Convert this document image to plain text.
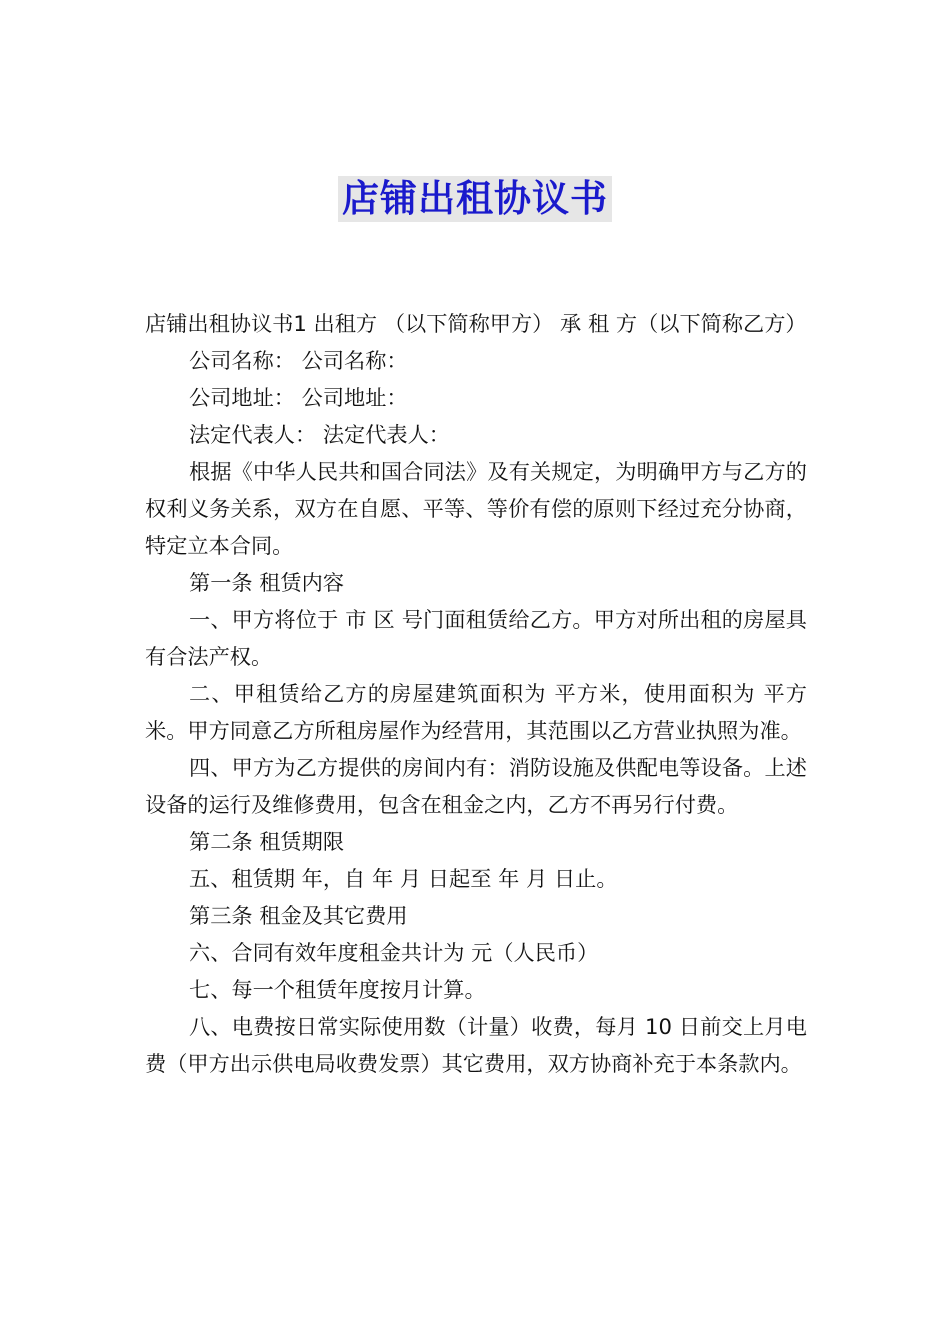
店铺出租协议书

店铺出租协议书1 出租方 （以下简称甲方） 承 租 方（以下简称乙方）

公司名称： 公司名称：

公司地址： 公司地址：

法定代表人： 法定代表人：

根据《中华人民共和国合同法》及有关规定，为明确甲方与乙方的权利义务关系，双方在自愿、平等、等价有偿的原则下经过充分协商，特定立本合同。

第一条 租赁内容

一、甲方将位于 市 区 号门面租赁给乙方。甲方对所出租的房屋具有合法产权。

二、甲租赁给乙方的房屋建筑面积为 平方米，使用面积为 平方米。甲方同意乙方所租房屋作为经营用，其范围以乙方营业执照为准。

四、甲方为乙方提供的房间内有：消防设施及供配电等设备。上述设备的运行及维修费用，包含在租金之内，乙方不再另行付费。

第二条 租赁期限

五、租赁期 年，自 年 月 日起至 年 月 日止。

第三条 租金及其它费用

六、合同有效年度租金共计为 元（人民币）

七、每一个租赁年度按月计算。

八、电费按日常实际使用数（计量）收费，每月 10 日前交上月电费（甲方出示供电局收费发票）其它费用，双方协商补充于本条款内。
